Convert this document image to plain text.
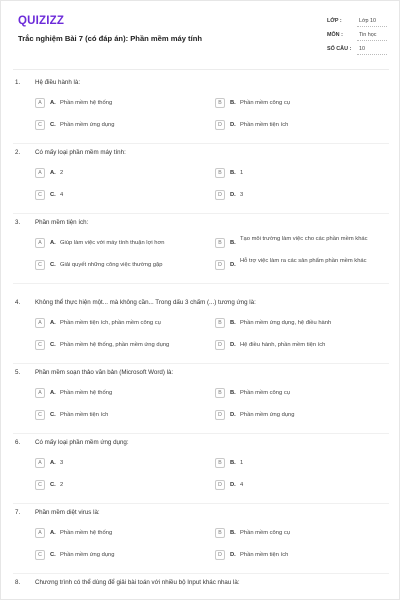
QUIZIZZ
Trắc nghiệm Bài 7 (có đáp án): Phần mềm máy tính
LỚP :	Lớp 10
MÔN :	Tin học
SỐ CÂU : 10
1. Hệ điều hành là:
A	A. Phần mềm hệ thống	B	B. Phần mềm công cụ
C	C. Phần mềm ứng dụng	D	D. Phần mềm tiện ích
2. Có mấy loại phần mềm máy tính:
A	A. 2	B	B. 1
C	C. 4	D	D. 3
3. Phần mềm tiện ích:
A	A. Giúp làm việc với máy tính thuận lợi hơn	B	B.
Tạo môi trường làm việc cho các phần mềm khác
C	C. Giải quyết những công việc thường gặp	D	D.
Hỗ trợ việc làm ra các sản phẩm phần mềm khác
4. Không thể thực hiện một... mà không cần... Trong dấu 3 chấm (...) tương ứng là:
A	A. Phần mềm tiện ích, phần mềm công cụ	B	B. Phần mềm ứng dụng, hệ điều hành
C	C. Phần mềm hệ thống, phần mềm ứng dụng	D	D. Hệ điều hành, phần mềm tiện ích
5. Phần mềm soạn thảo văn bản (Microsoft Word) là:
A	A. Phần mềm hệ thống	B	B. Phần mềm công cụ
C	C. Phần mềm tiện ích	D	D. Phần mềm ứng dụng
6. Có mấy loại phần mềm ứng dụng:
A	A. 3	B	B. 1
C	C. 2	D	D. 4
7. Phần mềm diệt virus là:
A	A. Phần mềm hệ thống	B	B. Phần mềm công cụ
C	C. Phần mềm ứng dụng	D	D. Phần mềm tiện ích
8. Chương trình có thể dùng để giải bài toán với nhiều bộ Input khác nhau là:
